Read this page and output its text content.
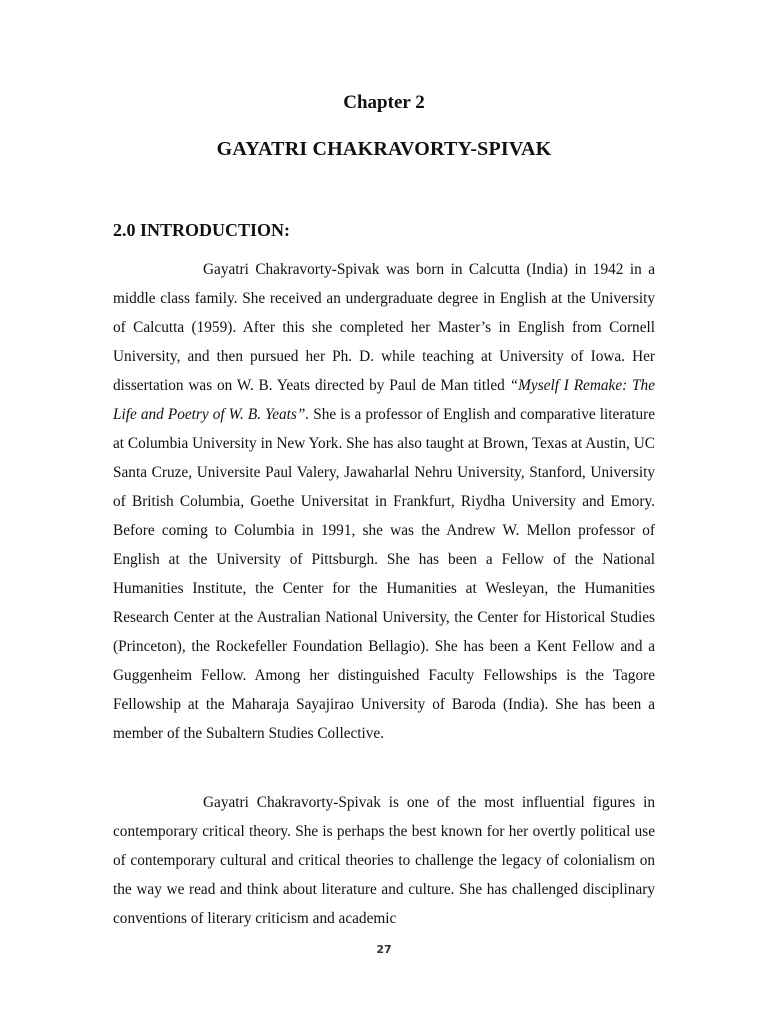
Chapter 2
GAYATRI CHAKRAVORTY-SPIVAK
2.0 INTRODUCTION:

Gayatri Chakravorty-Spivak was born in Calcutta (India) in 1942 in a middle class family. She received an undergraduate degree in English at the University of Calcutta (1959). After this she completed her Master’s in English from Cornell University, and then pursued her Ph. D. while teaching at University of Iowa. Her dissertation was on W. B. Yeats directed by Paul de Man titled “Myself I Remake: The Life and Poetry of W. B. Yeats”. She is a professor of English and comparative literature at Columbia University in New York. She has also taught at Brown, Texas at Austin, UC Santa Cruze, Universite Paul Valery, Jawaharlal Nehru University, Stanford, University of British Columbia, Goethe Universitat in Frankfurt, Riydha University and Emory. Before coming to Columbia in 1991, she was the Andrew W. Mellon professor of English at the University of Pittsburgh. She has been a Fellow of the National Humanities Institute, the Center for the Humanities at Wesleyan, the Humanities Research Center at the Australian National University, the Center for Historical Studies (Princeton), the Rockefeller Foundation Bellagio). She has been a Kent Fellow and a Guggenheim Fellow. Among her distinguished Faculty Fellowships is the Tagore Fellowship at the Maharaja Sayajirao University of Baroda (India). She has been a member of the Subaltern Studies Collective.

Gayatri Chakravorty-Spivak is one of the most influential figures in contemporary critical theory. She is perhaps the best known for her overtly political use of contemporary cultural and critical theories to challenge the legacy of colonialism on the way we read and think about literature and culture. She has challenged disciplinary conventions of literary criticism and academic

27
